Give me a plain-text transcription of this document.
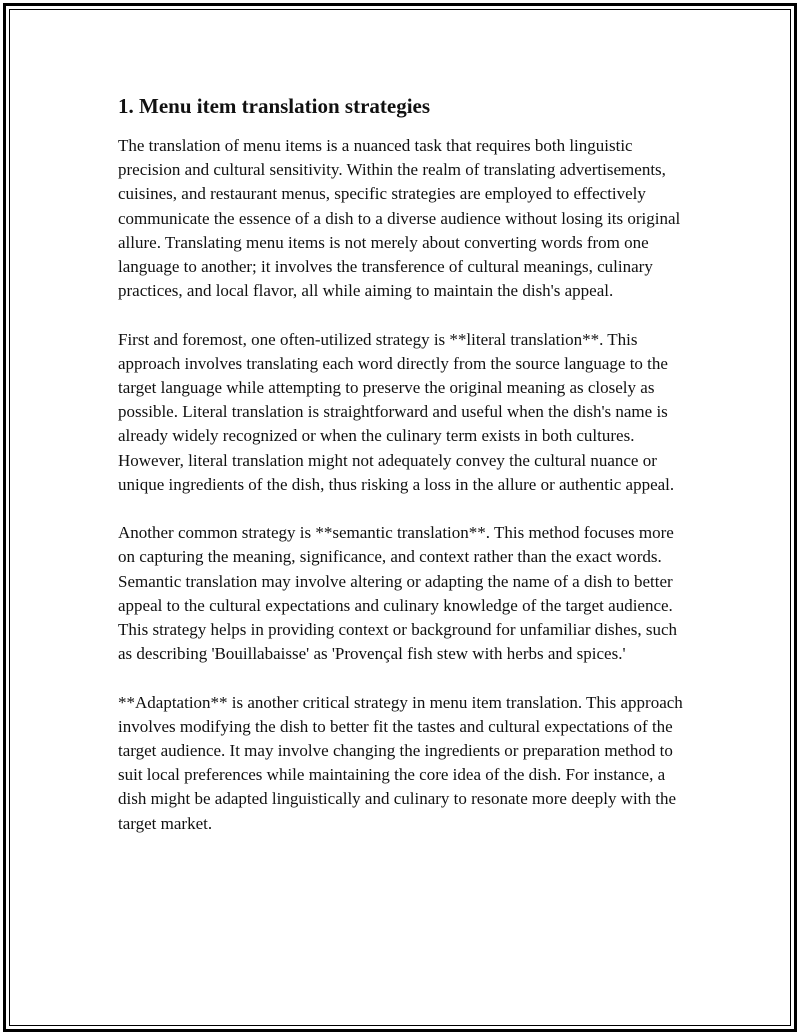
1. Menu item translation strategies

The translation of menu items is a nuanced task that requires both linguistic precision and cultural sensitivity. Within the realm of translating advertisements, cuisines, and restaurant menus, specific strategies are employed to effectively communicate the essence of a dish to a diverse audience without losing its original allure. Translating menu items is not merely about converting words from one language to another; it involves the transference of cultural meanings, culinary practices, and local flavor, all while aiming to maintain the dish's appeal.

First and foremost, one often-utilized strategy is **literal translation**. This approach involves translating each word directly from the source language to the target language while attempting to preserve the original meaning as closely as possible. Literal translation is straightforward and useful when the dish's name is already widely recognized or when the culinary term exists in both cultures. However, literal translation might not adequately convey the cultural nuance or unique ingredients of the dish, thus risking a loss in the allure or authentic appeal.

Another common strategy is **semantic translation**. This method focuses more on capturing the meaning, significance, and context rather than the exact words. Semantic translation may involve altering or adapting the name of a dish to better appeal to the cultural expectations and culinary knowledge of the target audience. This strategy helps in providing context or background for unfamiliar dishes, such as describing 'Bouillabaisse' as 'Provençal fish stew with herbs and spices.'

**Adaptation** is another critical strategy in menu item translation. This approach involves modifying the dish to better fit the tastes and cultural expectations of the target audience. It may involve changing the ingredients or preparation method to suit local preferences while maintaining the core idea of the dish. For instance, a dish might be adapted linguistically and culinary to resonate more deeply with the target market.
